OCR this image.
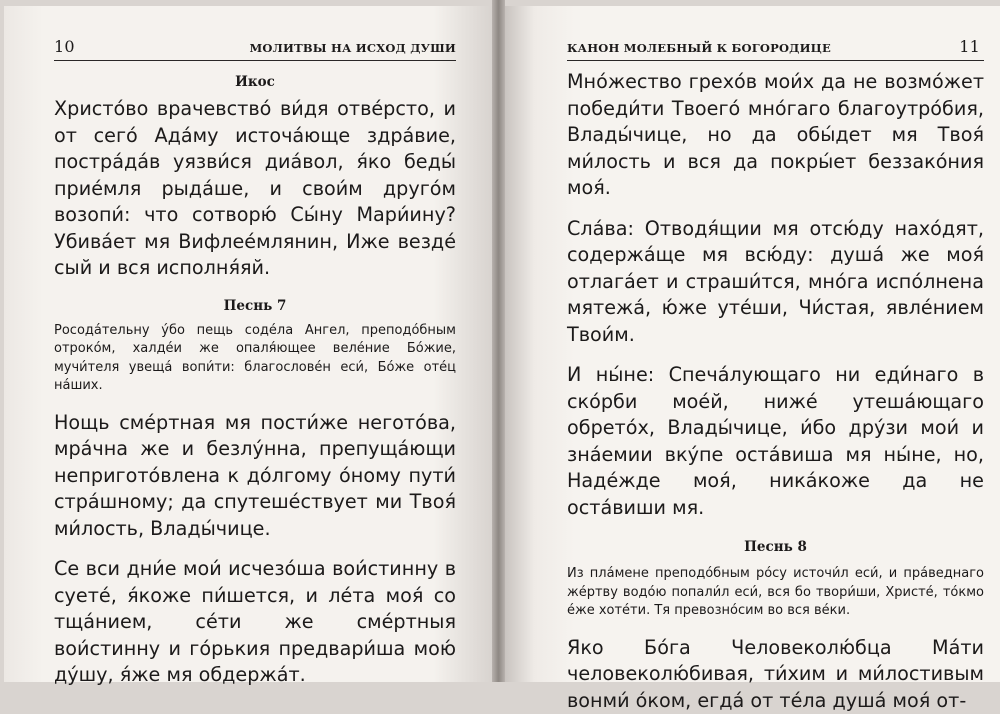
10	МОЛИТВЫ НА ИСХОД ДУШИ
Икос

Христо́во врачевство́ ви́дя отве́рсто, и от сего́ Ада́му источа́юще здра́вие, постра́да́в уязви́ся диа́вол, я́ко беды́ прие́мля рыда́ше, и свои́м друго́м возопи́: что сотворю́ Сы́ну Мари́ину? Убива́ет мя Вифлее́млянин, Иже везде́ сый и вся исполня́яй.

Песнь 7

Росода́тельну у́бо пещь соде́ла Ангел, преподо́бным отроко́м, халде́и же опаля́ющее веле́ние Бо́жие, мучи́теля увеща́ вопи́ти: благослове́н еси́, Бо́же оте́ц на́ших.

Нощь сме́ртная мя пости́же негото́ва, мра́чна же и безлу́нна, препуща́ющи непригото́влена к до́лгому о́ному пути́ стра́шному; да спутеше́ствует ми Твоя́ ми́лость, Влады́чице.

Се вси дни́е мои́ исчезо́ша вои́стинну в суете́, я́коже пи́шется, и ле́та моя́ со тща́нием, се́ти же сме́ртныя вои́стинну и го́рькия предвари́ша мою́ ду́шу, я́же мя обдержа́т.

КАНОН МОЛЕБНЫЙ К БОГОРОДИЦЕ	11

Мно́жество грехо́в мои́х да не возмо́жет победи́ти Твоего́ мно́гаго благоутро́бия, Влады́чице, но да обы́дет мя Твоя́ ми́лость и вся да покры́ет беззако́ния моя́.

Сла́ва: Отводя́щии мя отсю́ду нахо́дят, содержа́ще мя всю́ду: душа́ же моя́ отлага́ет и страши́тся, мно́га испо́лнена мятежа́, ю́же уте́ши, Чи́стая, явле́нием Твои́м.

И ны́не: Спеча́лующаго ни еди́наго в ско́рби мое́й, ниже́ утеша́ющаго обрето́х, Влады́чице, и́бо дру́зи мои́ и зна́емии вку́пе оста́виша мя ны́не, но, Наде́жде моя́, ника́коже да не оста́виши мя.

Песнь 8

Из пла́мене преподо́бным ро́су источи́л еси́, и пра́веднаго же́ртву водо́ю попали́л еси́, вся бо твори́ши, Христе́, то́кмо е́же хоте́ти. Тя превозно́сим во вся ве́ки.

Яко Бо́га Человеколю́бца Ма́ти человеколю́бивая, ти́хим и ми́лостивым вонми́ о́ком, егда́ от те́ла душа́ моя́ от-
